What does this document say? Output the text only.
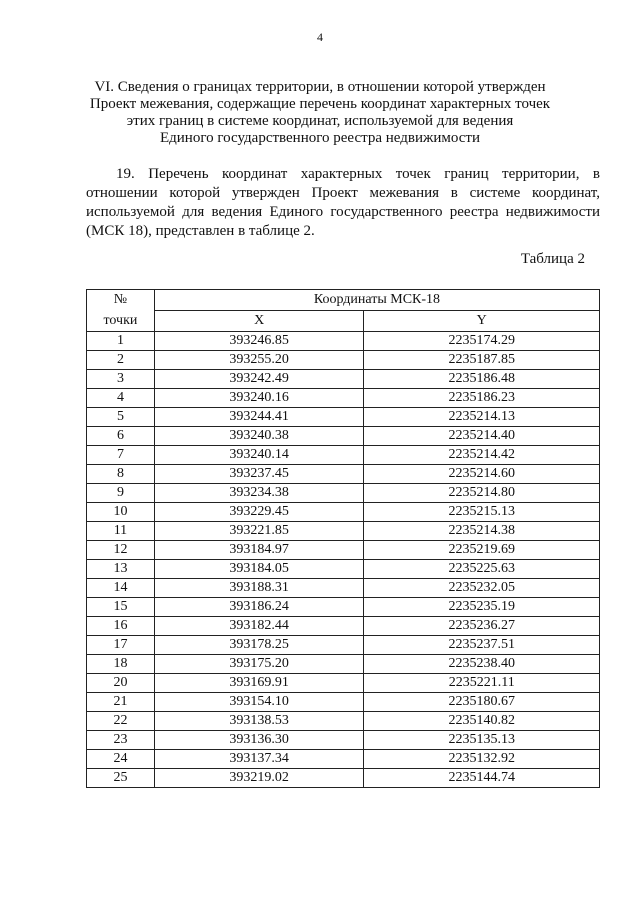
4
VI. Сведения о границах территории, в отношении которой утвержден
Проект межевания, содержащие перечень координат характерных точек
этих границ в системе координат, используемой для ведения
Единого государственного реестра недвижимости
19. Перечень координат характерных точек границ территории, в
отношении которой утвержден Проект межевания в системе координат,
используемой для ведения Единого государственного реестра недвижимости
(МСК 18), представлен в таблице 2.
Таблица 2
№	Координаты МСК-18	
точки	X	Y
1	393246.85	2235174.29
2	393255.20	2235187.85
3	393242.49	2235186.48
4	393240.16	2235186.23
5	393244.41	2235214.13
6	393240.38	2235214.40
7	393240.14	2235214.42
8	393237.45	2235214.60
9	393234.38	2235214.80
10	393229.45	2235215.13
11	393221.85	2235214.38
12	393184.97	2235219.69
13	393184.05	2235225.63
14	393188.31	2235232.05
15	393186.24	2235235.19
16	393182.44	2235236.27
17	393178.25	2235237.51
18	393175.20	2235238.40
20	393169.91	2235221.11
21	393154.10	2235180.67
22	393138.53	2235140.82
23	393136.30	2235135.13
24	393137.34	2235132.92
25	393219.02	2235144.74
